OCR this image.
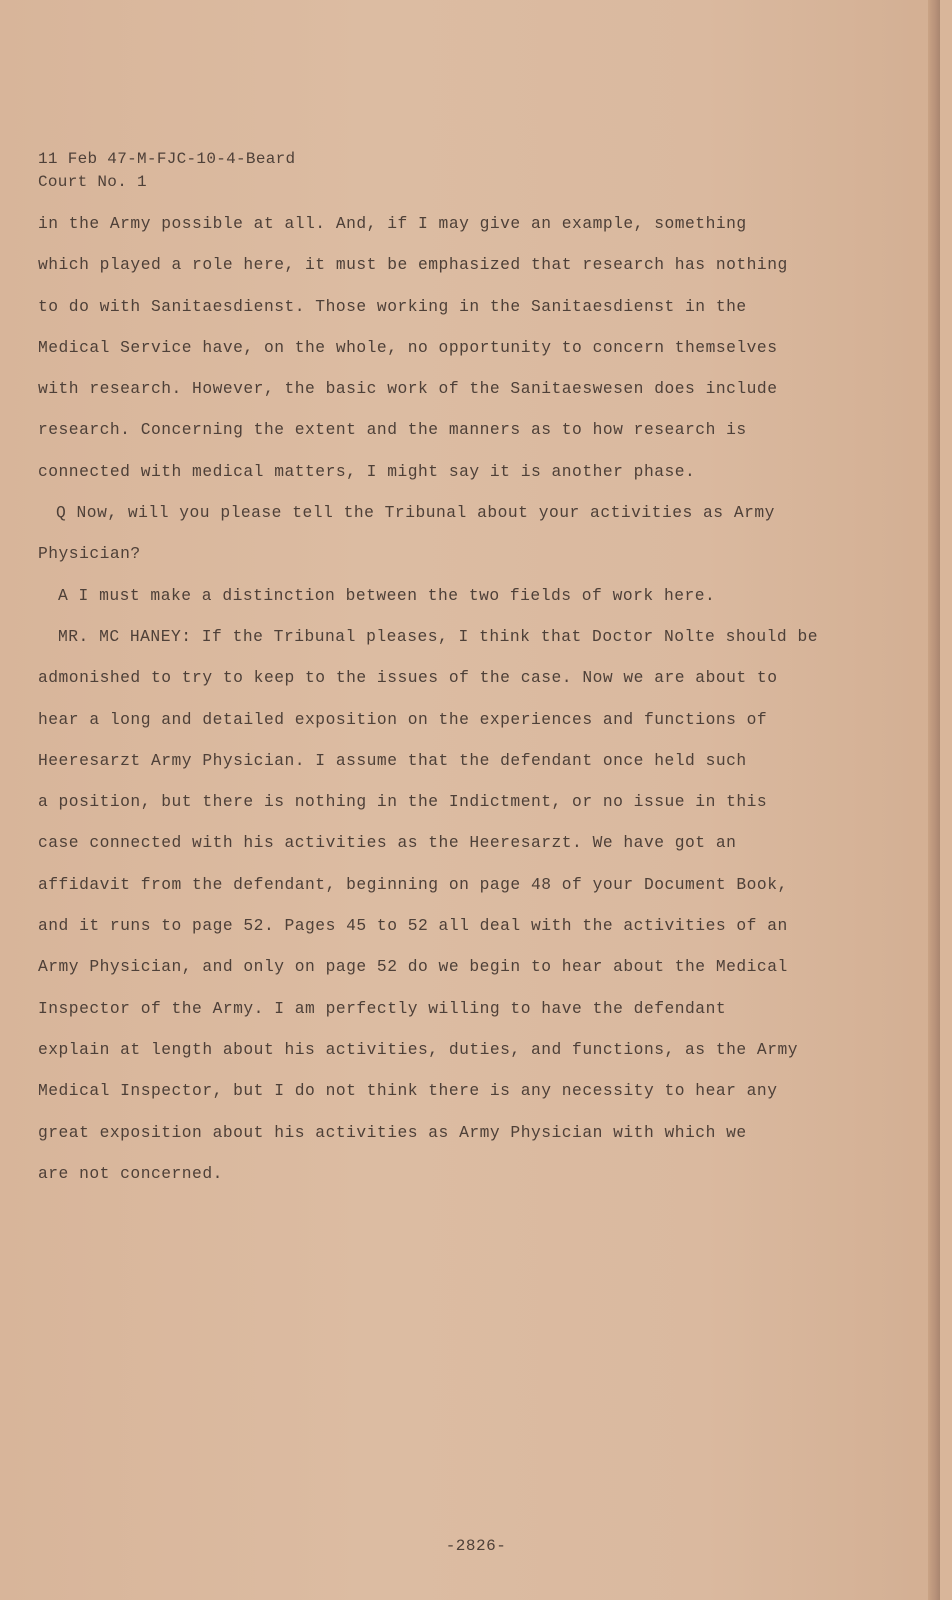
11 Feb 47-M-FJC-10-4-Beard
Court No. 1
in the Army possible at all. And, if I may give an example, something
which played a role here, it must be emphasized that research has nothing
to do with Sanitaesdienst. Those working in the Sanitaesdienst in the
Medical Service have, on the whole, no opportunity to concern themselves
with research. However, the basic work of the Sanitaeswesen does include
research. Concerning the extent and the manners as to how research is
connected with medical matters, I might say it is another phase.
Q Now, will you please tell the Tribunal about your activities as Army
Physician?
A I must make a distinction between the two fields of work here.
MR. MC HANEY: If the Tribunal pleases, I think that Doctor Nolte should be
admonished to try to keep to the issues of the case. Now we are about to
hear a long and detailed exposition on the experiences and functions of
Heeresarzt Army Physician. I assume that the defendant once held such
a position, but there is nothing in the Indictment, or no issue in this
case connected with his activities as the Heeresarzt. We have got an
affidavit from the defendant, beginning on page 48 of your Document Book,
and it runs to page 52. Pages 45 to 52 all deal with the activities of an
Army Physician, and only on page 52 do we begin to hear about the Medical
Inspector of the Army. I am perfectly willing to have the defendant
explain at length about his activities, duties, and functions, as the Army
Medical Inspector, but I do not think there is any necessity to hear any
great exposition about his activities as Army Physician with which we
are not concerned.
-2826-
